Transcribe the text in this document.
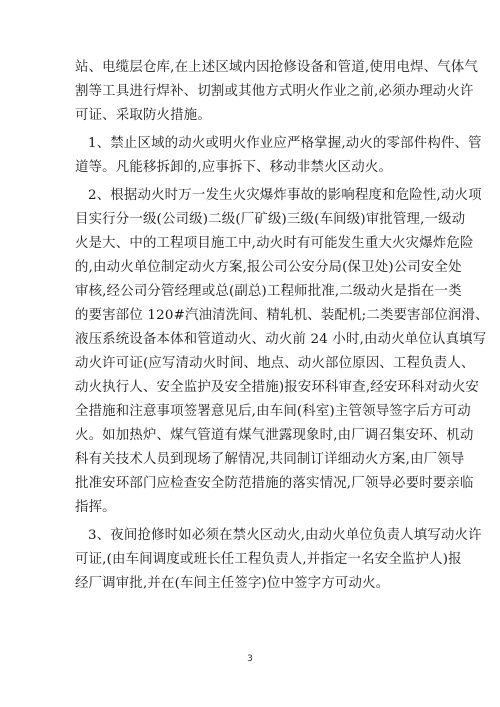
站、电缆层仓库,在上述区域内因抢修设备和管道,使用电焊、气体气
割等工具进行焊补、切割或其他方式明火作业之前,必须办理动火许
可证、采取防火措施。
1、禁止区域的动火或明火作业应严格掌握,动火的零部件构件、管
道等。凡能移拆卸的,应事拆下、移动非禁火区动火。
2、根据动火时万一发生火灾爆炸事故的影响程度和危险性,动火项
目实行分一级(公司级)二级(厂矿级)三级(车间级)审批管理,一级动
火是大、中的工程项目施工中,动火时有可能发生重大火灾爆炸危险
的,由动火单位制定动火方案,报公司公安分局(保卫处)公司安全处
审核,经公司分管经理或总(副总)工程师批准,二级动火是指在一类
的要害部位 120#汽油清洗间、精轧机、装配机;二类要害部位润滑、
液压系统设备本体和管道动火、动火前 24 小时,由动火单位认真填写
动火许可证(应写清动火时间、地点、动火部位原因、工程负责人、
动火执行人、安全监护及安全措施)报安环科审查,经安环科对动火安
全措施和注意事项签署意见后,由车间(科室)主管领导签字后方可动
火。如加热炉、煤气管道有煤气泄露现象时,由厂调召集安环、机动
科有关技术人员到现场了解情况,共同制订详细动火方案,由厂领导
批准安环部门应检查安全防范措施的落实情况,厂领导必要时要亲临
指挥。
3、夜间抢修时如必须在禁火区动火,由动火单位负责人填写动火许
可证,(由车间调度或班长任工程负责人,并指定一名安全监护人)报
经厂调审批,并在(车间主任签字)位中签字方可动火。
3
